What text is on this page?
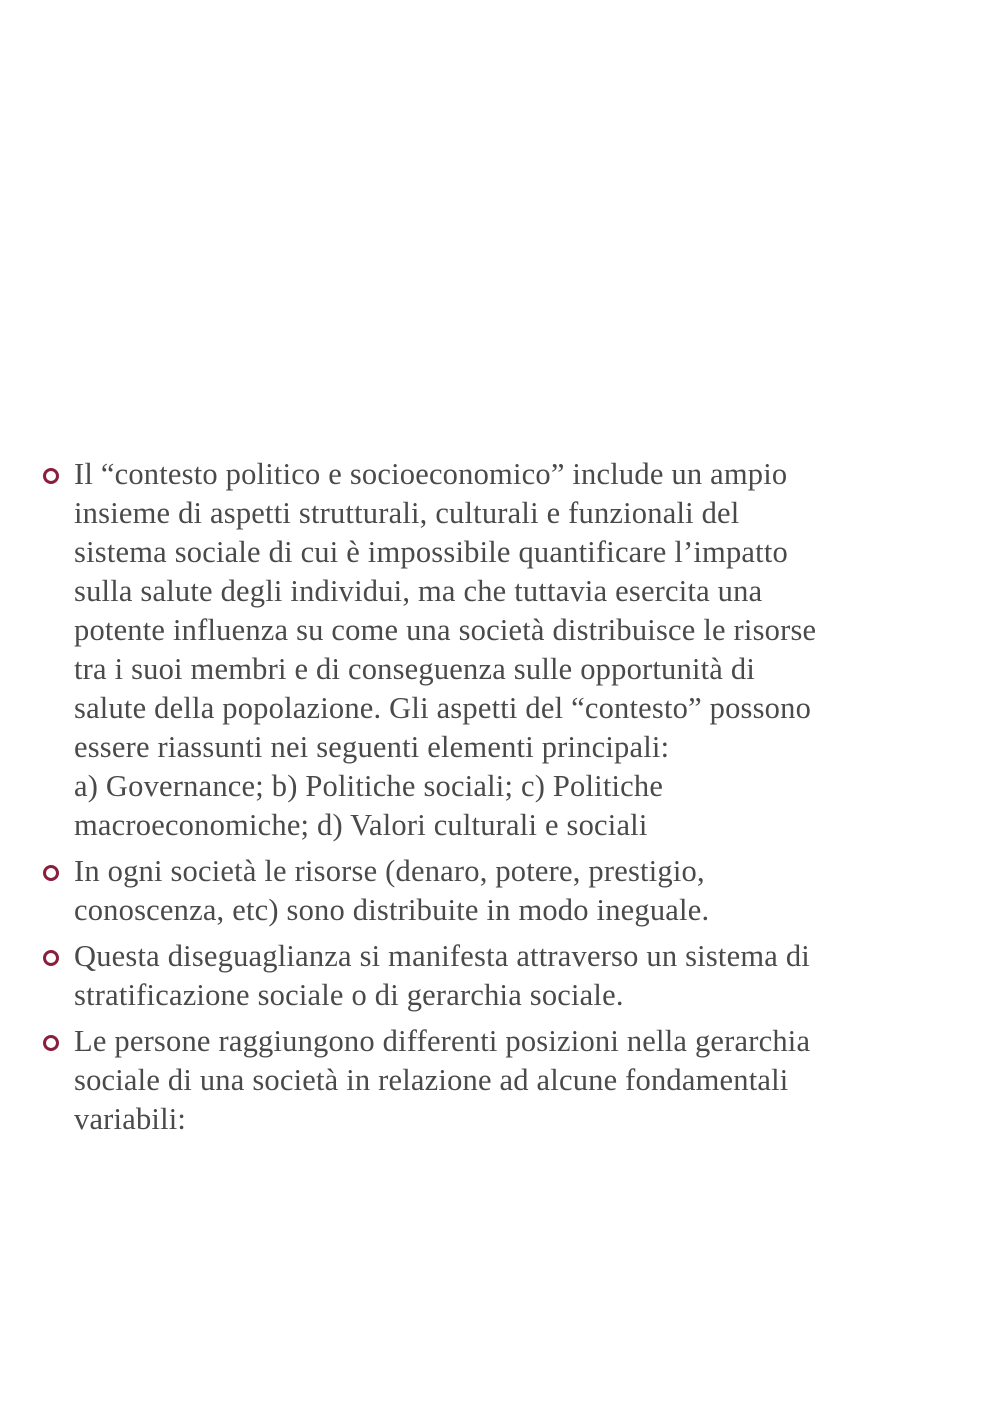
Il “contesto politico e socioeconomico” include un ampio insieme di aspetti strutturali, culturali e funzionali del sistema sociale di cui è impossibile quantificare l’impatto sulla salute degli individui, ma che tuttavia esercita una potente influenza su come una società distribuisce le risorse tra i suoi membri e di conseguenza sulle opportunità di salute della popolazione. Gli aspetti del “contesto” possono essere riassunti nei seguenti elementi principali:
a) Governance; b) Politiche sociali; c) Politiche macroeconomiche; d) Valori culturali e sociali
In ogni società le risorse (denaro, potere, prestigio, conoscenza, etc) sono distribuite in modo ineguale.
Questa diseguaglianza si manifesta attraverso un sistema di stratificazione sociale o di gerarchia sociale.
Le persone raggiungono differenti posizioni nella gerarchia sociale di una società in relazione ad alcune fondamentali variabili:
